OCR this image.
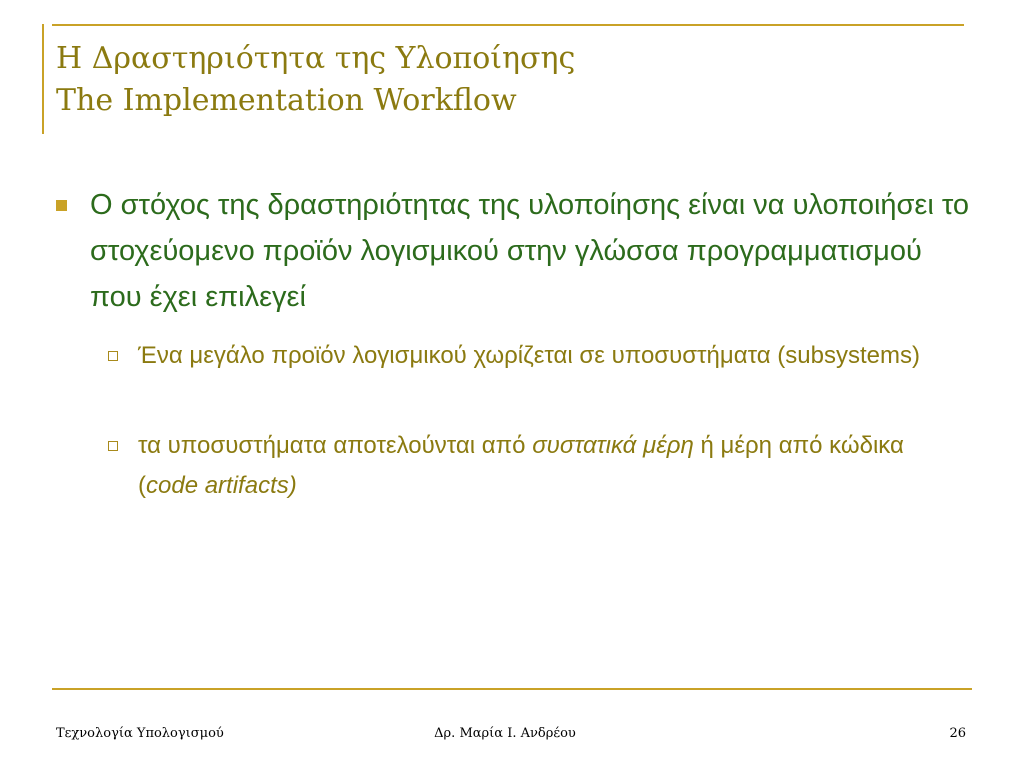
Η Δραστηριότητα της Υλοποίησης
The Implementation Workflow
Ο στόχος της δραστηριότητας της υλοποίησης είναι να υλοποιήσει το στοχεύομενο προϊόν λογισμικού στην γλώσσα προγραμματισμού που έχει επιλεγεί
Ένα μεγάλο προϊόν λογισμικού χωρίζεται σε υποσυστήματα (subsystems)
τα υποσυστήματα αποτελούνται από συστατικά μέρη ή μέρη από κώδικα (code artifacts)
Τεχνολογία Υπολογισμού	Δρ. Μαρία Ι. Ανδρέου	26
